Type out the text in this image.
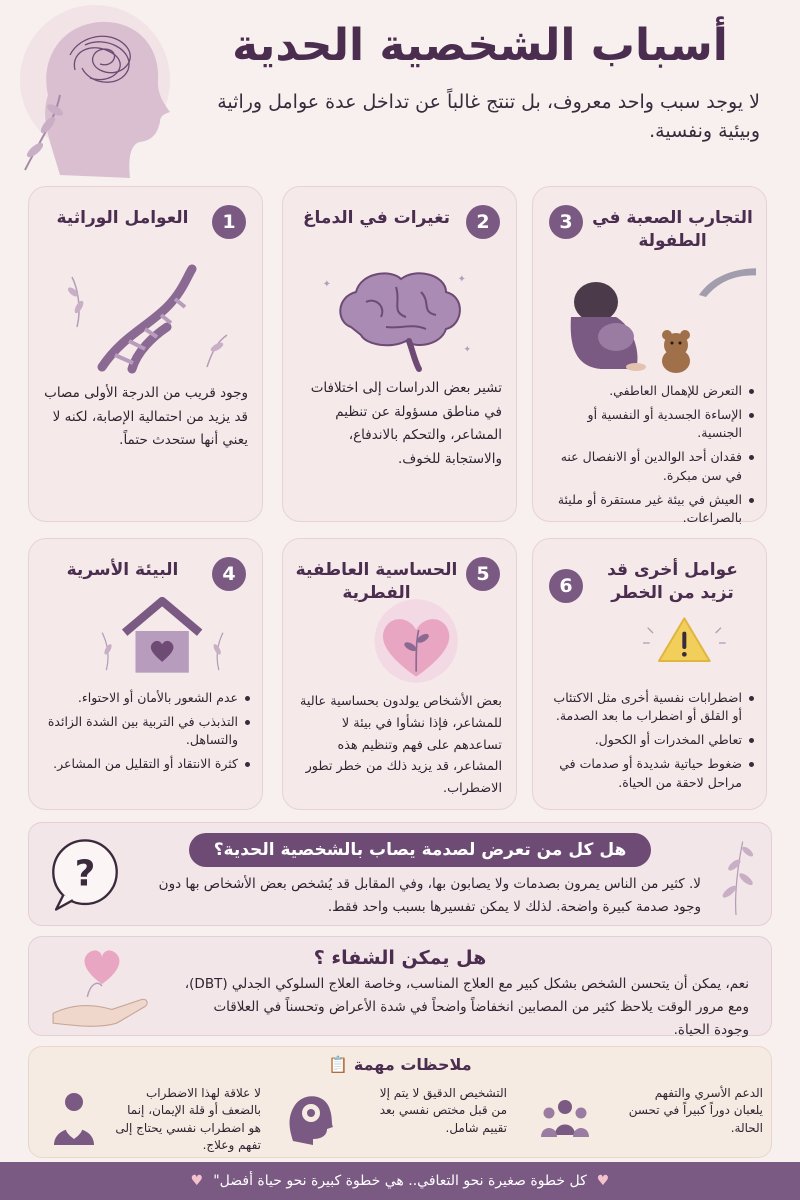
أسباب الشخصية الحدية
لا يوجد سبب واحد معروف، بل تنتج غالباً عن تداخل عدة عوامل وراثية وبيئية ونفسية.
1
العوامل الوراثية
وجود قريب من الدرجة الأولى مصاب قد يزيد من احتمالية الإصابة، لكنه لا يعني أنها ستحدث حتماً.
2
تغيرات في الدماغ
✦	✦
✦
تشير بعض الدراسات إلى اختلافات في مناطق مسؤولة عن تنظيم المشاعر، والتحكم بالاندفاع، والاستجابة للخوف.
3	التجارب الصعبة في الطفولة
التعرض للإهمال العاطفي.
الإساءة الجسدية أو النفسية أو الجنسية.
فقدان أحد الوالدين أو الانفصال عنه في سن مبكرة.
العيش في بيئة غير مستقرة أو مليئة بالصراعات.
4
البيئة الأسرية
عدم الشعور بالأمان أو الاحتواء.
التذبذب في التربية بين الشدة الزائدة والتساهل.
كثرة الانتقاد أو التقليل من المشاعر.
5
الحساسية العاطفية الفطرية
بعض الأشخاص يولدون بحساسية عالية للمشاعر، فإذا نشأوا في بيئة لا تساعدهم على فهم وتنظيم هذه المشاعر، قد يزيد ذلك من خطر تطور الاضطراب.
6
عوامل أخرى قد تزيد من الخطر
اضطرابات نفسية أخرى مثل الاكتئاب أو القلق أو اضطراب ما بعد الصدمة.
تعاطي المخدرات أو الكحول.
ضغوط حياتية شديدة أو صدمات في مراحل لاحقة من الحياة.
هل كل من تعرض لصدمة يصاب بالشخصية الحدية؟
?	لا. كثير من الناس يمرون بصدمات ولا يصابون بها، وفي المقابل قد يُشخص بعض الأشخاص بها دون وجود صدمة كبيرة واضحة. لذلك لا يمكن تفسيرها بسبب واحد فقط.
هل يمكن الشفاء ؟
نعم، يمكن أن يتحسن الشخص بشكل كبير مع العلاج المناسب، وخاصة العلاج السلوكي الجدلي (DBT)، ومع مرور الوقت يلاحظ كثير من المصابين انخفاضاً واضحاً في شدة الأعراض وتحسناً في العلاقات وجودة الحياة.
ملاحظات مهمة 📋
الدعم الأسري والتفهم يلعبان دوراً كبيراً في تحسن الحالة.
التشخيص الدقيق لا يتم إلا من قبل مختص نفسي بعد تقييم شامل.
لا علاقة لهذا الاضطراب بالضعف أو قلة الإيمان، إنما هو اضطراب نفسي يحتاج إلى تفهم وعلاج.
♥
كل خطوة صغيرة نحو التعافي.. هي خطوة كبيرة نحو حياة أفضل"
♥
